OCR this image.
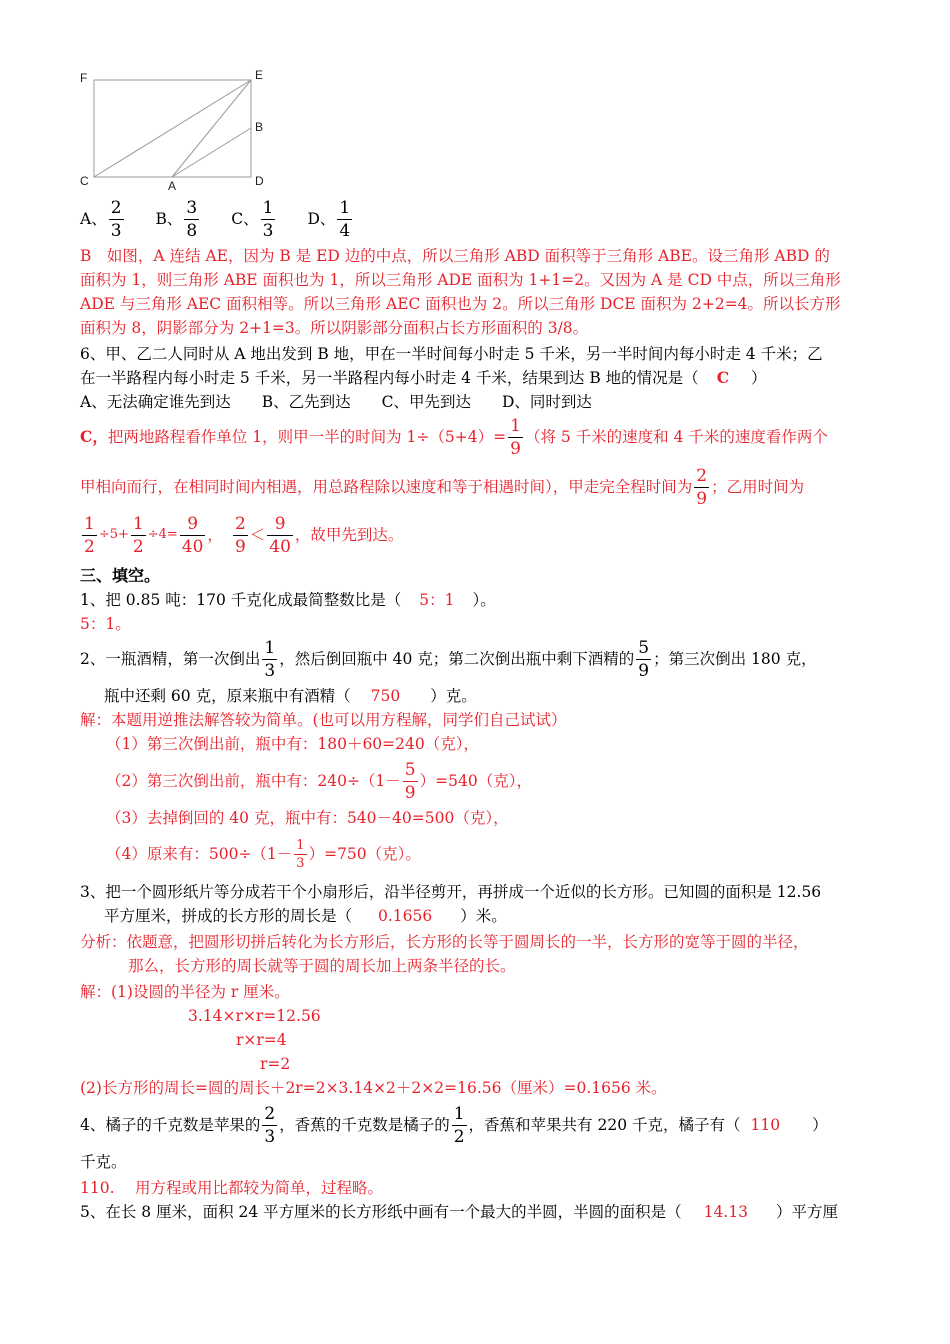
F	E
B
C	A	D
A、 $\frac{2}{3}$ B、 $\frac{3}{8}$ C、 $\frac{1}{3}$ D、 $\frac{1}{4}$
B　如图，A 连结 AE，因为 B 是 ED 边的中点，所以三角形 ABD 面积等于三角形 ABE。设三角形 ABD 的
面积为 1，则三角形 ABE 面积也为 1，所以三角形 ADE 面积为 1+1=2。又因为 A 是 CD 中点，所以三角形
ADE 与三角形 AEC 面积相等。所以三角形 AEC 面积也为 2。所以三角形 DCE 面积为 2+2=4。所以长方形
面积为 8，阴影部分为 2+1=3。所以阴影部分面积占长方形面积的 3/8。
6、甲、乙二人同时从 A 地出发到 B 地，甲在一半时间每小时走 5 千米，另一半时间内每小时走 4 千米；乙
在一半路程内每小时走 5 千米，另一半路程内每小时走 4 千米，结果到达 B 地的情况是（ C ）
A、无法确定谁先到达　　B、乙先到达　　C、甲先到达　　D、同时到达
C， 把两地路程看作单位 1，则甲一半的时间为 $1\div(5+4)= \frac{1}{9}$ （将 5 千米的速度和 4 千米的速度看作两个
甲相向而行，在相同时间内相遇，用总路程除以速度和等于相遇时间），甲走完全程时间为 $\frac{2}{9}$ ；乙用时间为
$\frac{1}{2} \div 5+ \frac{1}{2} \div 4= \frac{9}{40}$ ， $\frac{2}{9} < \frac{9}{40}$ ，故甲先到达。
三、填空。
1、把 0.85 吨：170 千克化成最简整数比是（ 5：1 ）。
5：1。
2、一瓶酒精，第一次倒出 $\frac{1}{3}$ ，然后倒回瓶中 40 克；第二次倒出瓶中剩下酒精的 $\frac{5}{9}$ ；第三次倒出 180 克，
瓶中还剩 60 克，原来瓶中有酒精（ 750 ）克。
解：本题用逆推法解答较为简单。(也可以用方程解，同学们自己试试）
（1）第三次倒出前，瓶中有：180＋60=240（克），
（2）第三次倒出前，瓶中有：$240\div(1- \frac{5}{9} )=540$（克），
（3）去掉倒回的 40 克，瓶中有：540－40=500（克），
（4）原来有：$500\div(1- \frac{1}{3} )=750$（克）。
3、把一个圆形纸片等分成若干个小扇形后，沿半径剪开，再拼成一个近似的长方形。已知圆的面积是 12.56
平方厘米，拼成的长方形的周长是（ 0.1656 ）米。
分析：依题意，把圆形切拼后转化为长方形后，长方形的长等于圆周长的一半，长方形的宽等于圆的半径，
那么，长方形的周长就等于圆的周长加上两条半径的长。
解：(1)设圆的半径为 r 厘米。
3.14×r×r=12.56
r×r=4
r=2
(2)长方形的周长=圆的周长＋2r=2×3.14×2＋2×2=16.56（厘米）=0.1656 米。
4、橘子的千克数是苹果的 $\frac{2}{3}$ ，香蕉的千克数是橘子的 $\frac{1}{2}$ ，香蕉和苹果共有 220 千克，橘子有（ 110 ）
千克。
110.　 用方程或用比都较为简单，过程略。
5、在长 8 厘米，面积 24 平方厘米的长方形纸中画有一个最大的半圆，半圆的面积是（ 14.13 ）平方厘
